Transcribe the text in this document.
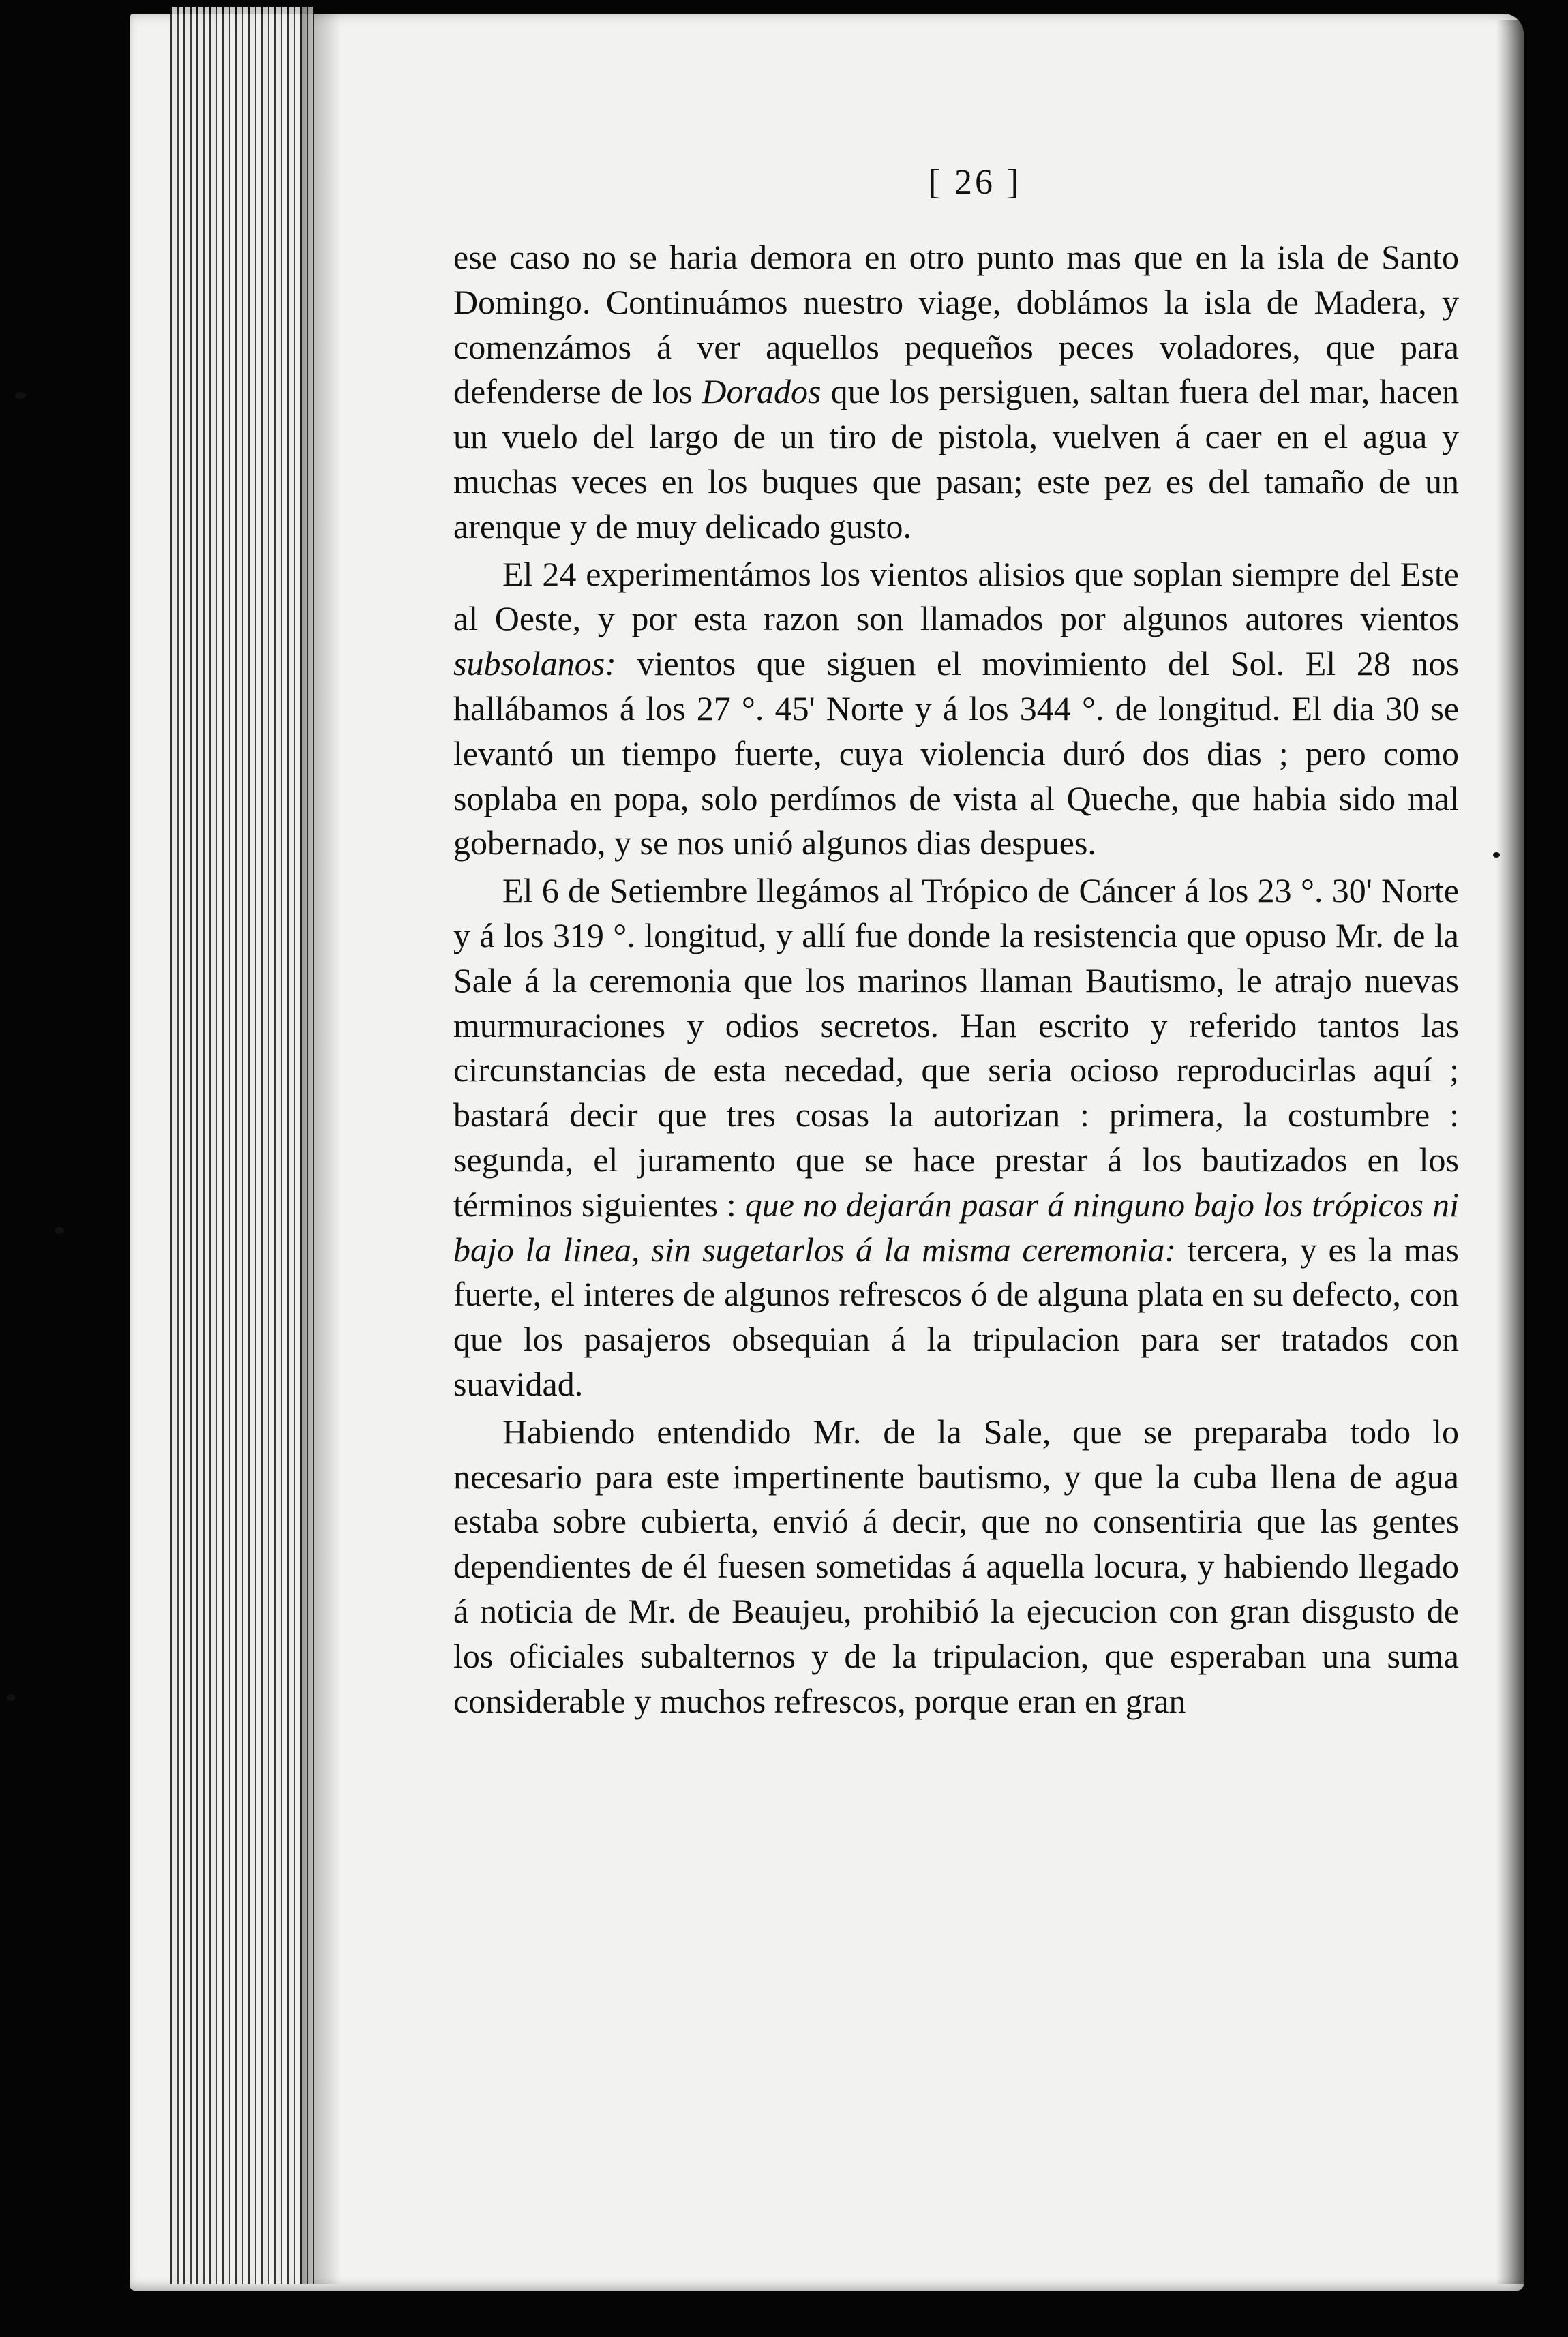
[ 26 ]

ese caso no se haria demora en otro punto mas que en la isla de Santo Domingo. Continuámos nuestro viage, doblámos la isla de Madera, y comenzámos á ver aquellos pequeños peces voladores, que para defenderse de los Dorados que los persiguen, saltan fuera del mar, hacen un vuelo del largo de un tiro de pistola, vuelven á caer en el agua y muchas veces en los buques que pasan; este pez es del tamaño de un arenque y de muy delicado gusto.

El 24 experimentámos los vientos alisios que soplan siempre del Este al Oeste, y por esta razon son llamados por algunos autores vientos subsolanos: vientos que siguen el movimiento del Sol. El 28 nos hallábamos á los 27 °. 45' Norte y á los 344 °. de longitud. El dia 30 se levantó un tiempo fuerte, cuya violencia duró dos dias ; pero como soplaba en popa, solo perdímos de vista al Queche, que habia sido mal gobernado, y se nos unió algunos dias despues.

El 6 de Setiembre llegámos al Trópico de Cáncer á los 23 °. 30' Norte y á los 319 °. longitud, y allí fue donde la resistencia que opuso Mr. de la Sale á la ceremonia que los marinos llaman Bautismo, le atrajo nuevas murmuraciones y odios secretos. Han escrito y referido tantos las circunstancias de esta necedad, que seria ocioso reproducirlas aquí ; bastará decir que tres cosas la autorizan : primera, la costumbre : segunda, el juramento que se hace prestar á los bautizados en los términos siguientes : que no dejarán pasar á ninguno bajo los trópicos ni bajo la linea, sin sugetarlos á la misma ceremonia: tercera, y es la mas fuerte, el interes de algunos refrescos ó de alguna plata en su defecto, con que los pasajeros obsequian á la tripulacion para ser tratados con suavidad.

Habiendo entendido Mr. de la Sale, que se preparaba todo lo necesario para este impertinente bautismo, y que la cuba llena de agua estaba sobre cubierta, envió á decir, que no consentiria que las gentes dependientes de él fuesen sometidas á aquella locura, y habiendo llegado á noticia de Mr. de Beaujeu, prohibió la ejecucion con gran disgusto de los oficiales subalternos y de la tripulacion, que esperaban una suma considerable y muchos refrescos, porque eran en gran
